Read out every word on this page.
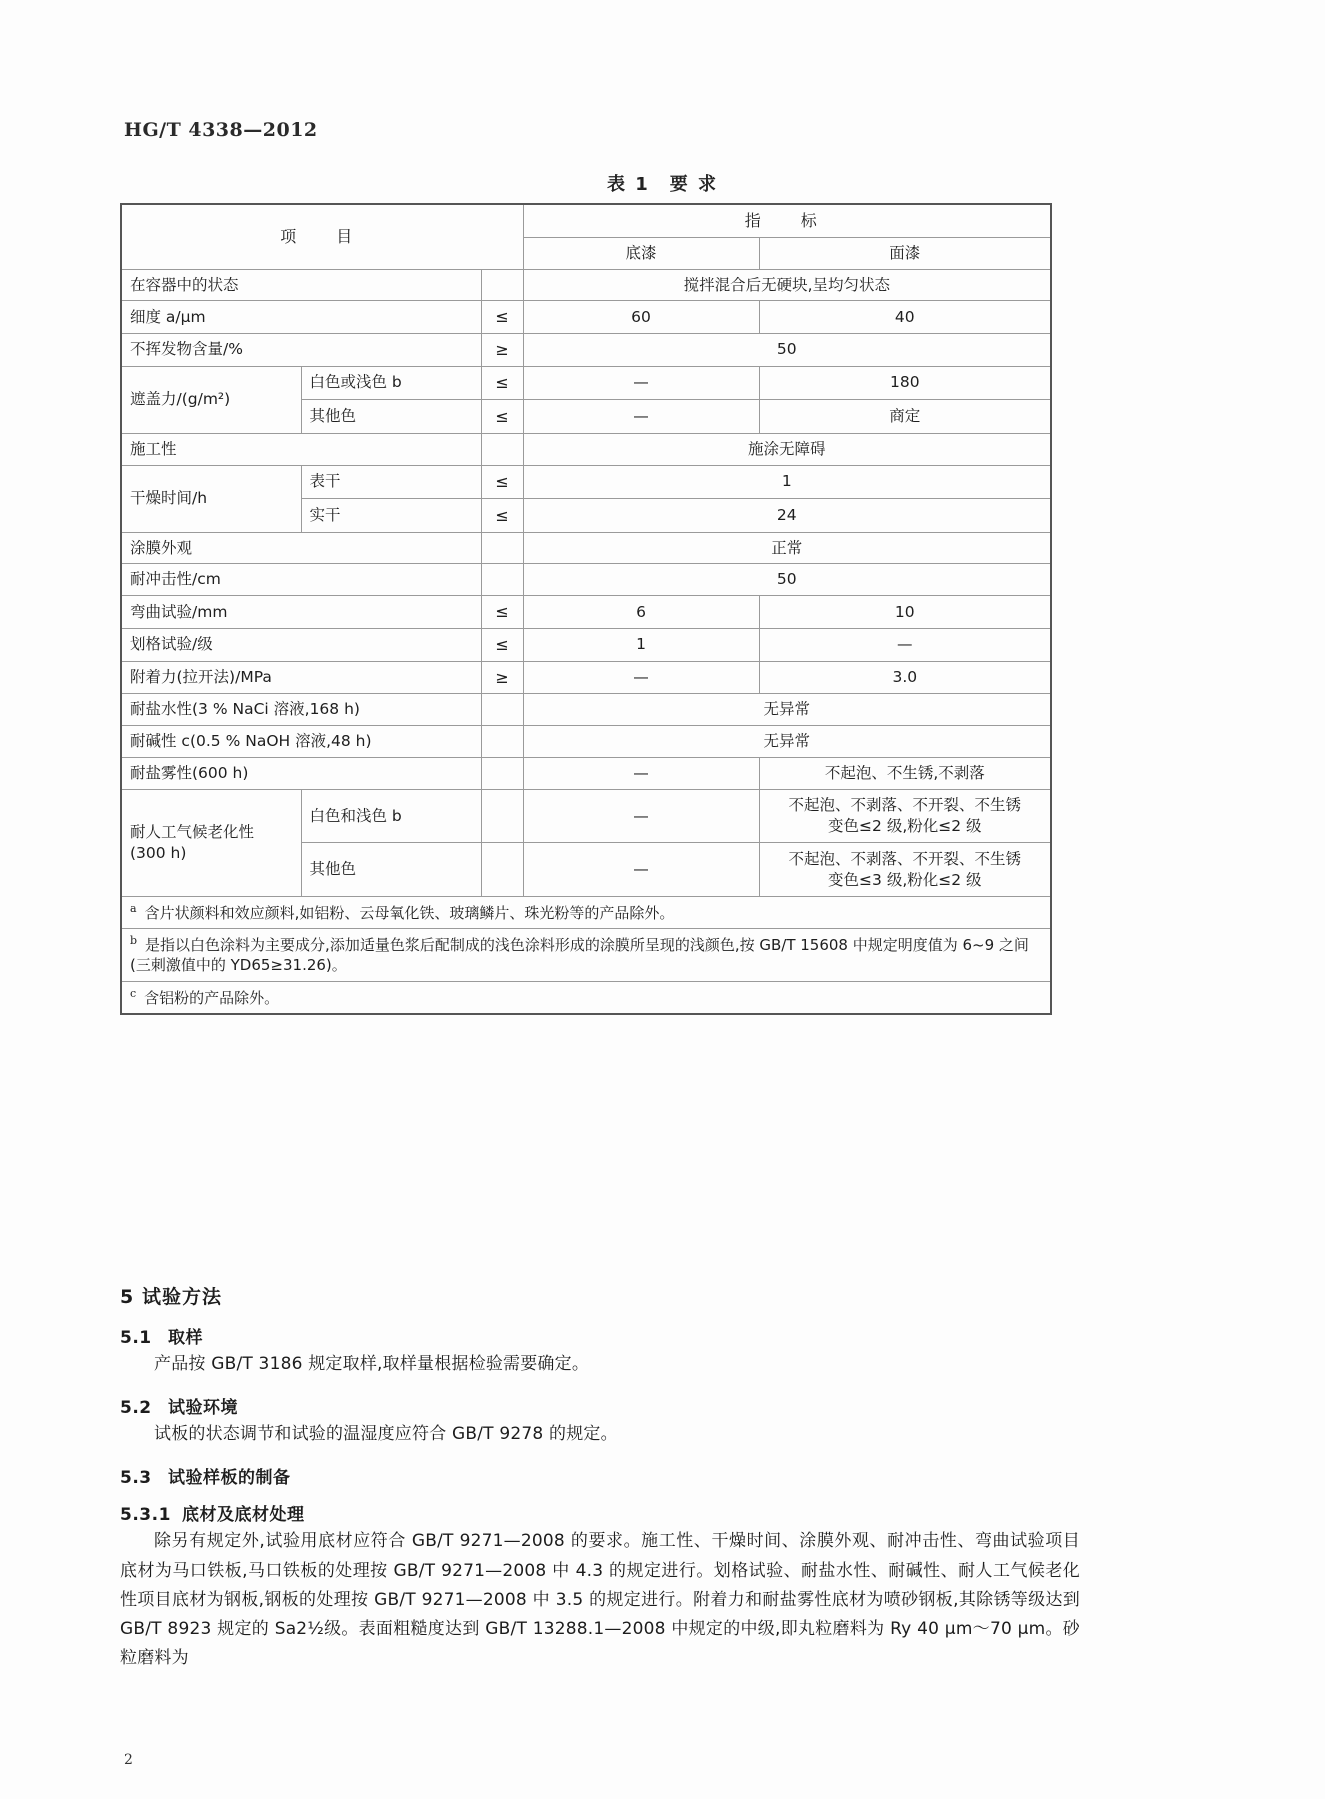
HG/T 4338—2012
表 1　要 求
项　目			指　标	
			底漆	面漆
在容器中的状态			搅拌混合后无硬块,呈均匀状态	
细度 a/μm		≤	60	40
不挥发物含量/%		≥	50	
遮盖力/(g/m²)	白色或浅色 b	≤	—	180
	其他色	≤	—	商定
施工性			施涂无障碍	
干燥时间/h	表干	≤	1	
	实干	≤	24	
涂膜外观			正常	
耐冲击性/cm			50	
弯曲试验/mm		≤	6	10
划格试验/级		≤	1	—
附着力(拉开法)/MPa		≥	—	3.0
耐盐水性(3 % NaCi 溶液,168 h)			无异常	
耐碱性 c(0.5 % NaOH 溶液,48 h)			无异常	
耐盐雾性(600 h)			—	不起泡、不生锈,不剥落
耐人工气候老化性 (300 h)	白色和浅色 b		—	不起泡、不剥落、不开裂、不生锈
变色≤2 级,粉化≤2 级

	其他色		—	不起泡、不剥落、不开裂、不生锈
变色≤3 级,粉化≤2 级

$^a$ 含片状颜料和效应颜料,如铝粉、云母氧化铁、玻璃鳞片、珠光粉等的产品除外。				
$^b$ 是指以白色涂料为主要成分,添加适量色浆后配制成的浅色涂料形成的涂膜所呈现的浅颜色,按 GB/T 15608 中规定明度值为 6~9 之间(三刺激值中的 YD65≥31.26)。				
$^c$ 含铝粉的产品除外。				
5 试验方法
5.1 取样

产品按 GB/T 3186 规定取样,取样量根据检验需要确定。

5.2 试验环境

试板的状态调节和试验的温湿度应符合 GB/T 9278 的规定。

5.3 试验样板的制备
5.3.1 底材及底材处理

除另有规定外,试验用底材应符合 GB/T 9271—2008 的要求。施工性、干燥时间、涂膜外观、耐冲击性、弯曲试验项目底材为马口铁板,马口铁板的处理按 GB/T 9271—2008 中 4.3 的规定进行。划格试验、耐盐水性、耐碱性、耐人工气候老化性项目底材为钢板,钢板的处理按 GB/T 9271—2008 中 3.5 的规定进行。附着力和耐盐雾性底材为喷砂钢板,其除锈等级达到 GB/T 8923 规定的 Sa2½级。表面粗糙度达到 GB/T 13288.1—2008 中规定的中级,即丸粒磨料为 Ry 40 μm～70 μm。砂粒磨料为

2
